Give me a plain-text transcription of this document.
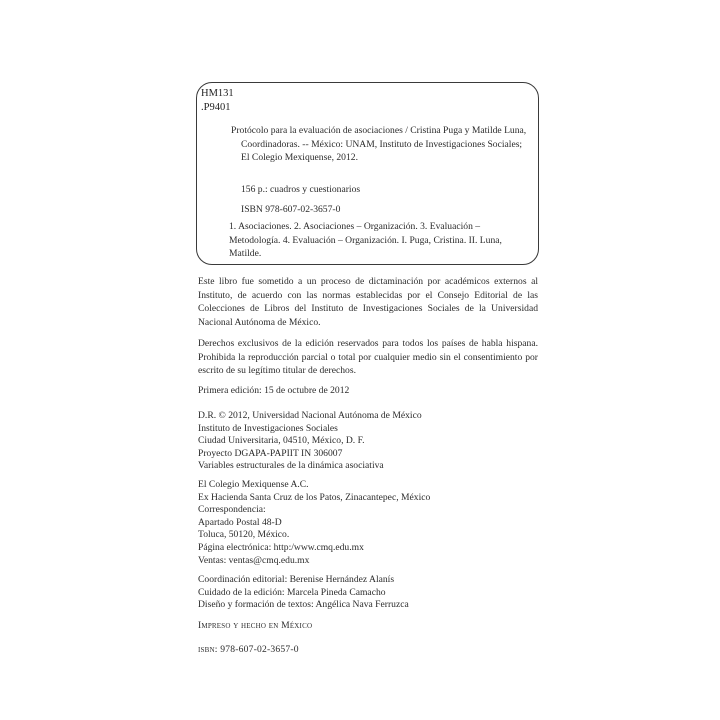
HM131
.P9401
Protócolo para la evaluación de asociaciones / Cristina Puga y Matilde Luna,
Coordinadoras. -- México: UNAM, Instituto de Investigaciones Sociales;
El Colegio Mexiquense, 2012.
156 p.: cuadros y cuestionarios
ISBN 978-607-02-3657-0
1. Asociaciones. 2. Asociaciones – Organización. 3. Evaluación –
Metodología. 4. Evaluación – Organización. I. Puga, Cristina. II. Luna,
Matilde.
Este libro fue sometido a un proceso de dictaminación por académicos externos al Instituto, de acuerdo con las normas establecidas por el Consejo Editorial de las Colecciones de Libros del Instituto de Investigaciones Sociales de la Universidad Nacional Autónoma de México.
Derechos exclusivos de la edición reservados para todos los países de habla hispana. Prohibida la reproducción parcial o total por cualquier medio sin el consentimiento por escrito de su legítimo titular de derechos.
Primera edición: 15 de octubre de 2012
D.R. © 2012, Universidad Nacional Autónoma de México
Instituto de Investigaciones Sociales
Ciudad Universitaria, 04510, México, D. F.
Proyecto DGAPA-PAPIIT IN 306007
Variables estructurales de la dinámica asociativa
El Colegio Mexiquense A.C.
Ex Hacienda Santa Cruz de los Patos, Zinacantepec, México
Correspondencia:
Apartado Postal 48-D
Toluca, 50120, México.
Página electrónica: http:/www.cmq.edu.mx
Ventas: ventas@cmq.edu.mx
Coordinación editorial: Berenise Hernández Alanís
Cuidado de la edición: Marcela Pineda Camacho
Diseño y formación de textos: Angélica Nava Ferruzca
Impreso y hecho en México
isbn: 978-607-02-3657-0
